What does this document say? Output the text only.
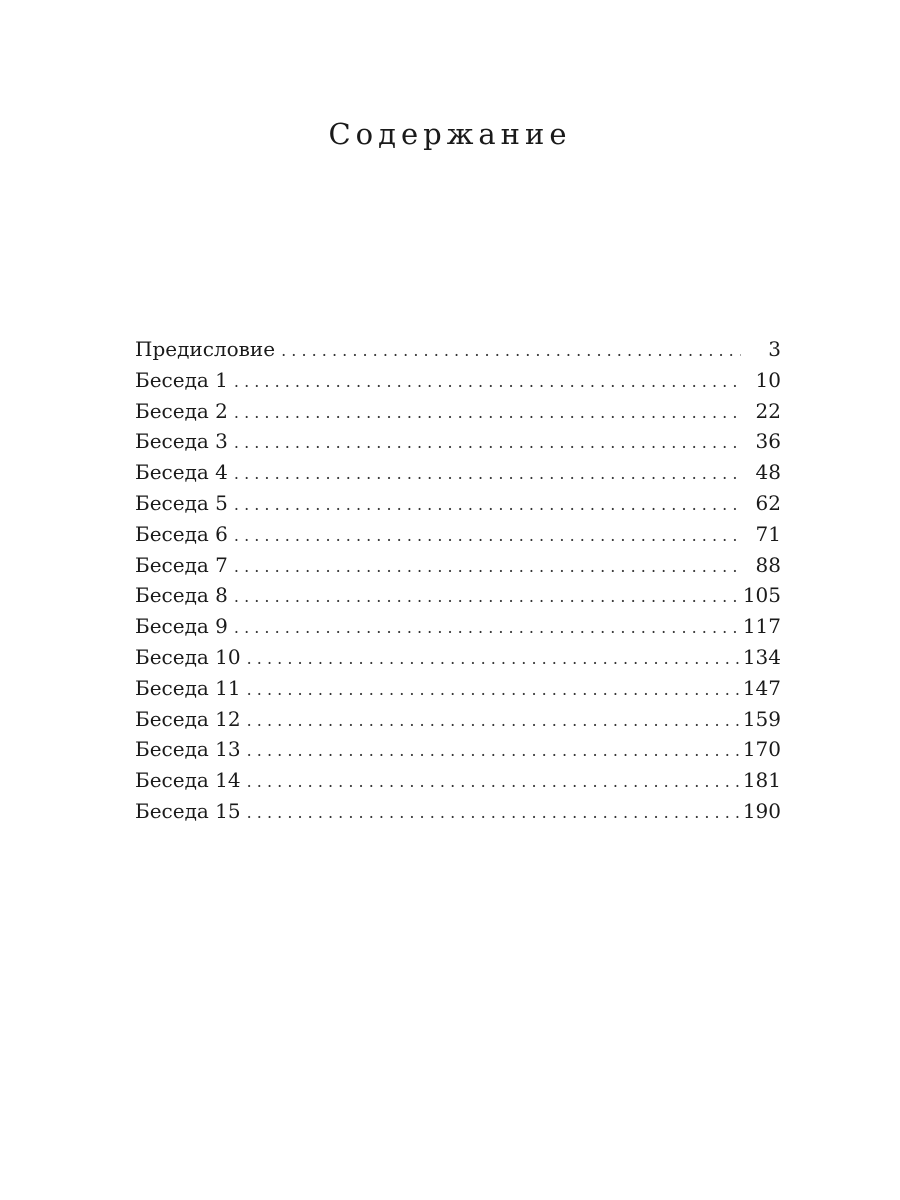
Содержание
Предисловие . . .	3
Беседа 1 . . .	10
Беседа 2 . . .	22
Беседа 3 . . .	36
Беседа 4 . . .	48
Беседа 5 . . .	62
Беседа 6 . . .	71
Беседа 7 . . .	88
Беседа 8 . . .	105
Беседа 9 . . .	117
Беседа 10 . . .	134
Беседа 11 . . .	147
Беседа 12 . . .	159
Беседа 13 . . .	170
Беседа 14 . . .	181
Беседа 15 . . .	190
